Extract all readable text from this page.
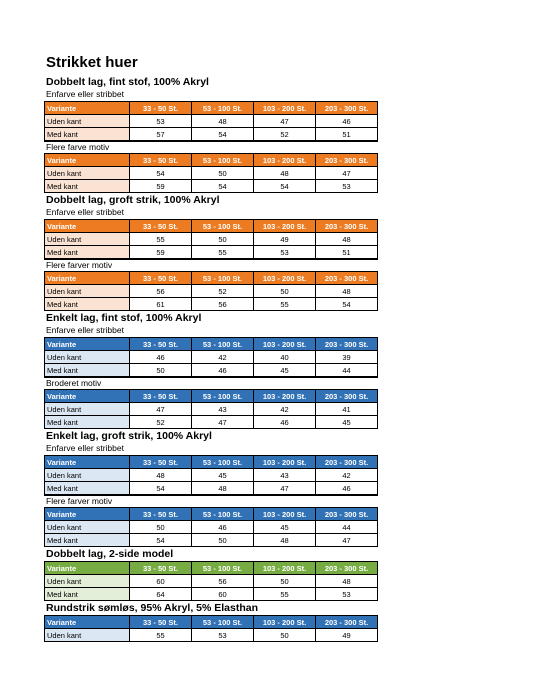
Strikket huer
Dobbelt lag, fint stof, 100% Akryl
Enfarve eller stribbet
Variante	33 - 50 St.	53 - 100 St.	103 - 200 St.	203 - 300 St.
Uden kant	53	48	47	46
Med kant	57	54	52	51
Flere farve motiv
Variante	33 - 50 St.	53 - 100 St.	103 - 200 St.	203 - 300 St.
Uden kant	54	50	48	47
Med kant	59	54	54	53
Dobbelt lag, groft strik, 100% Akryl
Enfarve eller stribbet
Variante	33 - 50 St.	53 - 100 St.	103 - 200 St.	203 - 300 St.
Uden kant	55	50	49	48
Med kant	59	55	53	51
Flere farver motiv
Variante	33 - 50 St.	53 - 100 St.	103 - 200 St.	203 - 300 St.
Uden kant	56	52	50	48
Med kant	61	56	55	54
Enkelt lag, fint stof, 100% Akryl
Enfarve eller stribbet
Variante	33 - 50 St.	53 - 100 St.	103 - 200 St.	203 - 300 St.
Uden kant	46	42	40	39
Med kant	50	46	45	44
Broderet motiv
Variante	33 - 50 St.	53 - 100 St.	103 - 200 St.	203 - 300 St.
Uden kant	47	43	42	41
Med kant	52	47	46	45
Enkelt lag, groft strik, 100% Akryl
Enfarve eller stribbet
Variante	33 - 50 St.	53 - 100 St.	103 - 200 St.	203 - 300 St.
Uden kant	48	45	43	42
Med kant	54	48	47	46
Flere farver motiv
Variante	33 - 50 St.	53 - 100 St.	103 - 200 St.	203 - 300 St.
Uden kant	50	46	45	44
Med kant	54	50	48	47
Dobbelt lag, 2-side model
Variante	33 - 50 St.	53 - 100 St.	103 - 200 St.	203 - 300 St.
Uden kant	60	56	50	48
Med kant	64	60	55	53
Rundstrik sømløs, 95% Akryl, 5% Elasthan
Variante	33 - 50 St.	53 - 100 St.	103 - 200 St.	203 - 300 St.
Uden kant	55	53	50	49
